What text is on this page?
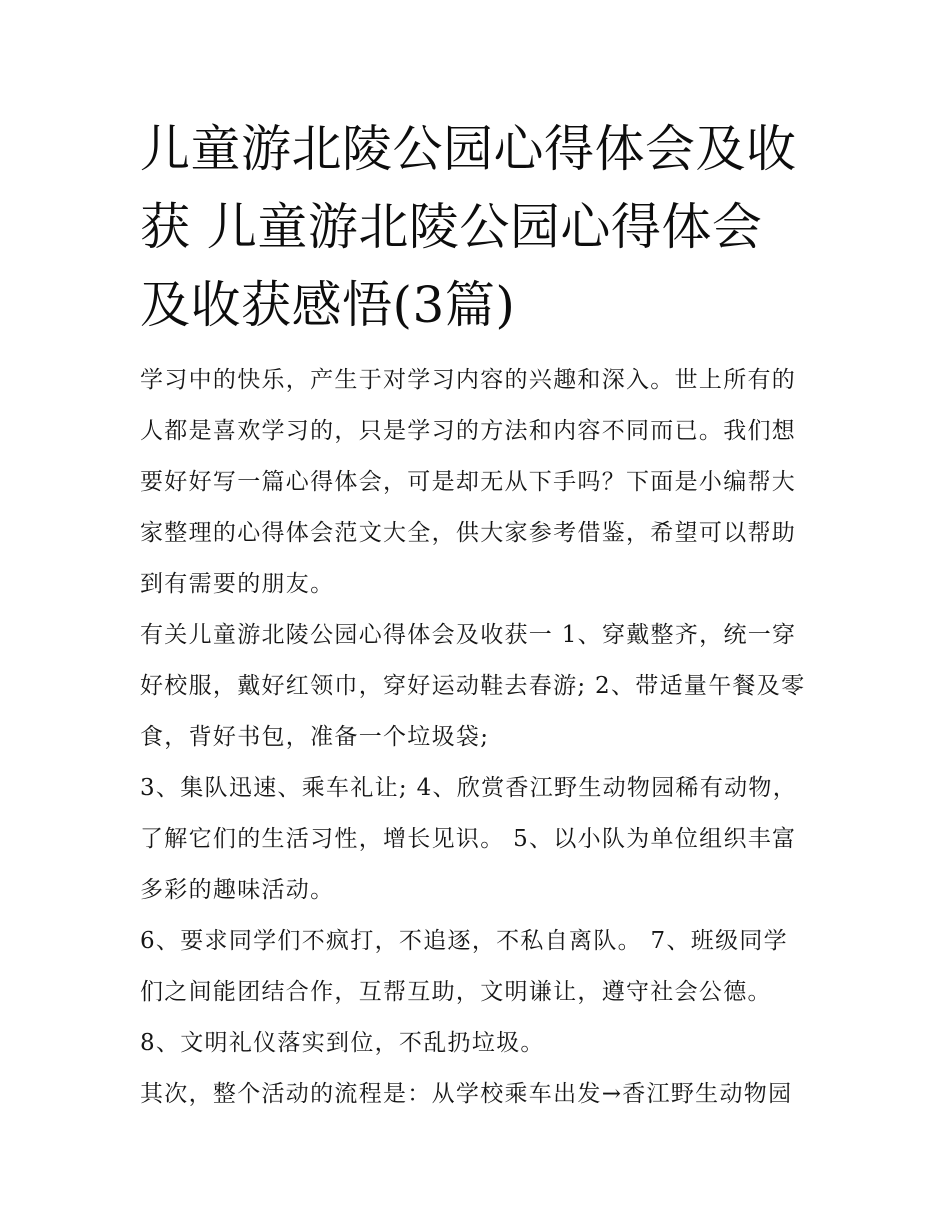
儿童游北陵公园心得体会及收获 儿童游北陵公园心得体会及收获感悟(3篇)

学习中的快乐，产生于对学习内容的兴趣和深入。世上所有的人都是喜欢学习的，只是学习的方法和内容不同而已。我们想要好好写一篇心得体会，可是却无从下手吗？下面是小编帮大家整理的心得体会范文大全，供大家参考借鉴，希望可以帮助到有需要的朋友。

有关儿童游北陵公园心得体会及收获一 1、穿戴整齐，统一穿好校服，戴好红领巾，穿好运动鞋去春游; 2、带适量午餐及零食，背好书包，准备一个垃圾袋;

3、集队迅速、乘车礼让; 4、欣赏香江野生动物园稀有动物，了解它们的生活习性，增长见识。 5、以小队为单位组织丰富多彩的趣味活动。

6、要求同学们不疯打，不追逐，不私自离队。 7、班级同学们之间能团结合作，互帮互助，文明谦让，遵守社会公德。

8、文明礼仪落实到位，不乱扔垃圾。

其次，整个活动的流程是：从学校乘车出发→香江野生动物园
